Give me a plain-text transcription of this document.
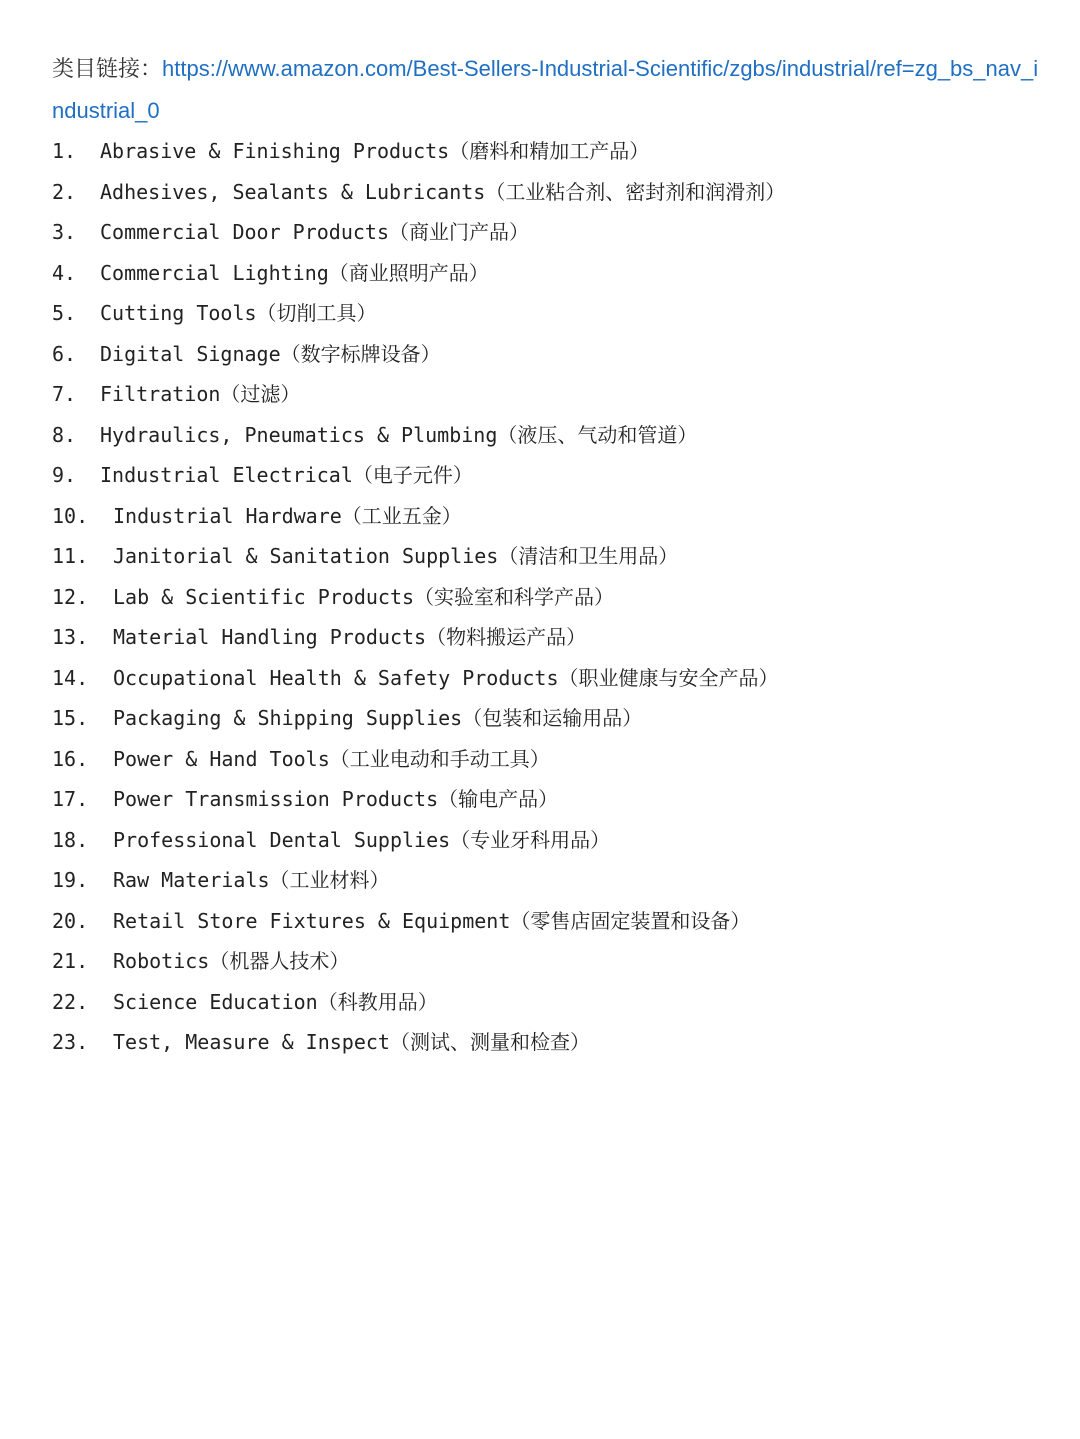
类目链接：https://www.amazon.com/Best-Sellers-Industrial-Scientific/zgbs/industrial/ref=zg_bs_nav_industrial_0

1.	Abrasive & Finishing Products（磨料和精加工产品）
2.	Adhesives, Sealants & Lubricants（工业粘合剂、密封剂和润滑剂）
3.	Commercial Door Products（商业门产品）
4.	Commercial Lighting（商业照明产品）
5.	Cutting Tools（切削工具）
6.	Digital Signage（数字标牌设备）
7.	Filtration（过滤）
8.	Hydraulics, Pneumatics & Plumbing（液压、气动和管道）
9.	Industrial Electrical（电子元件）
10.	Industrial Hardware（工业五金）
11.	Janitorial & Sanitation Supplies（清洁和卫生用品）
12.	Lab & Scientific Products（实验室和科学产品）
13.	Material Handling Products（物料搬运产品）
14.	Occupational Health & Safety Products（职业健康与安全产品）
15.	Packaging & Shipping Supplies（包装和运输用品）
16.	Power & Hand Tools（工业电动和手动工具）
17.	Power Transmission Products（输电产品）
18.	Professional Dental Supplies（专业牙科用品）
19.	Raw Materials（工业材料）
20.	Retail Store Fixtures & Equipment（零售店固定装置和设备）
21.	Robotics（机器人技术）
22.	Science Education（科教用品）
23.	Test, Measure & Inspect（测试、测量和检查）
